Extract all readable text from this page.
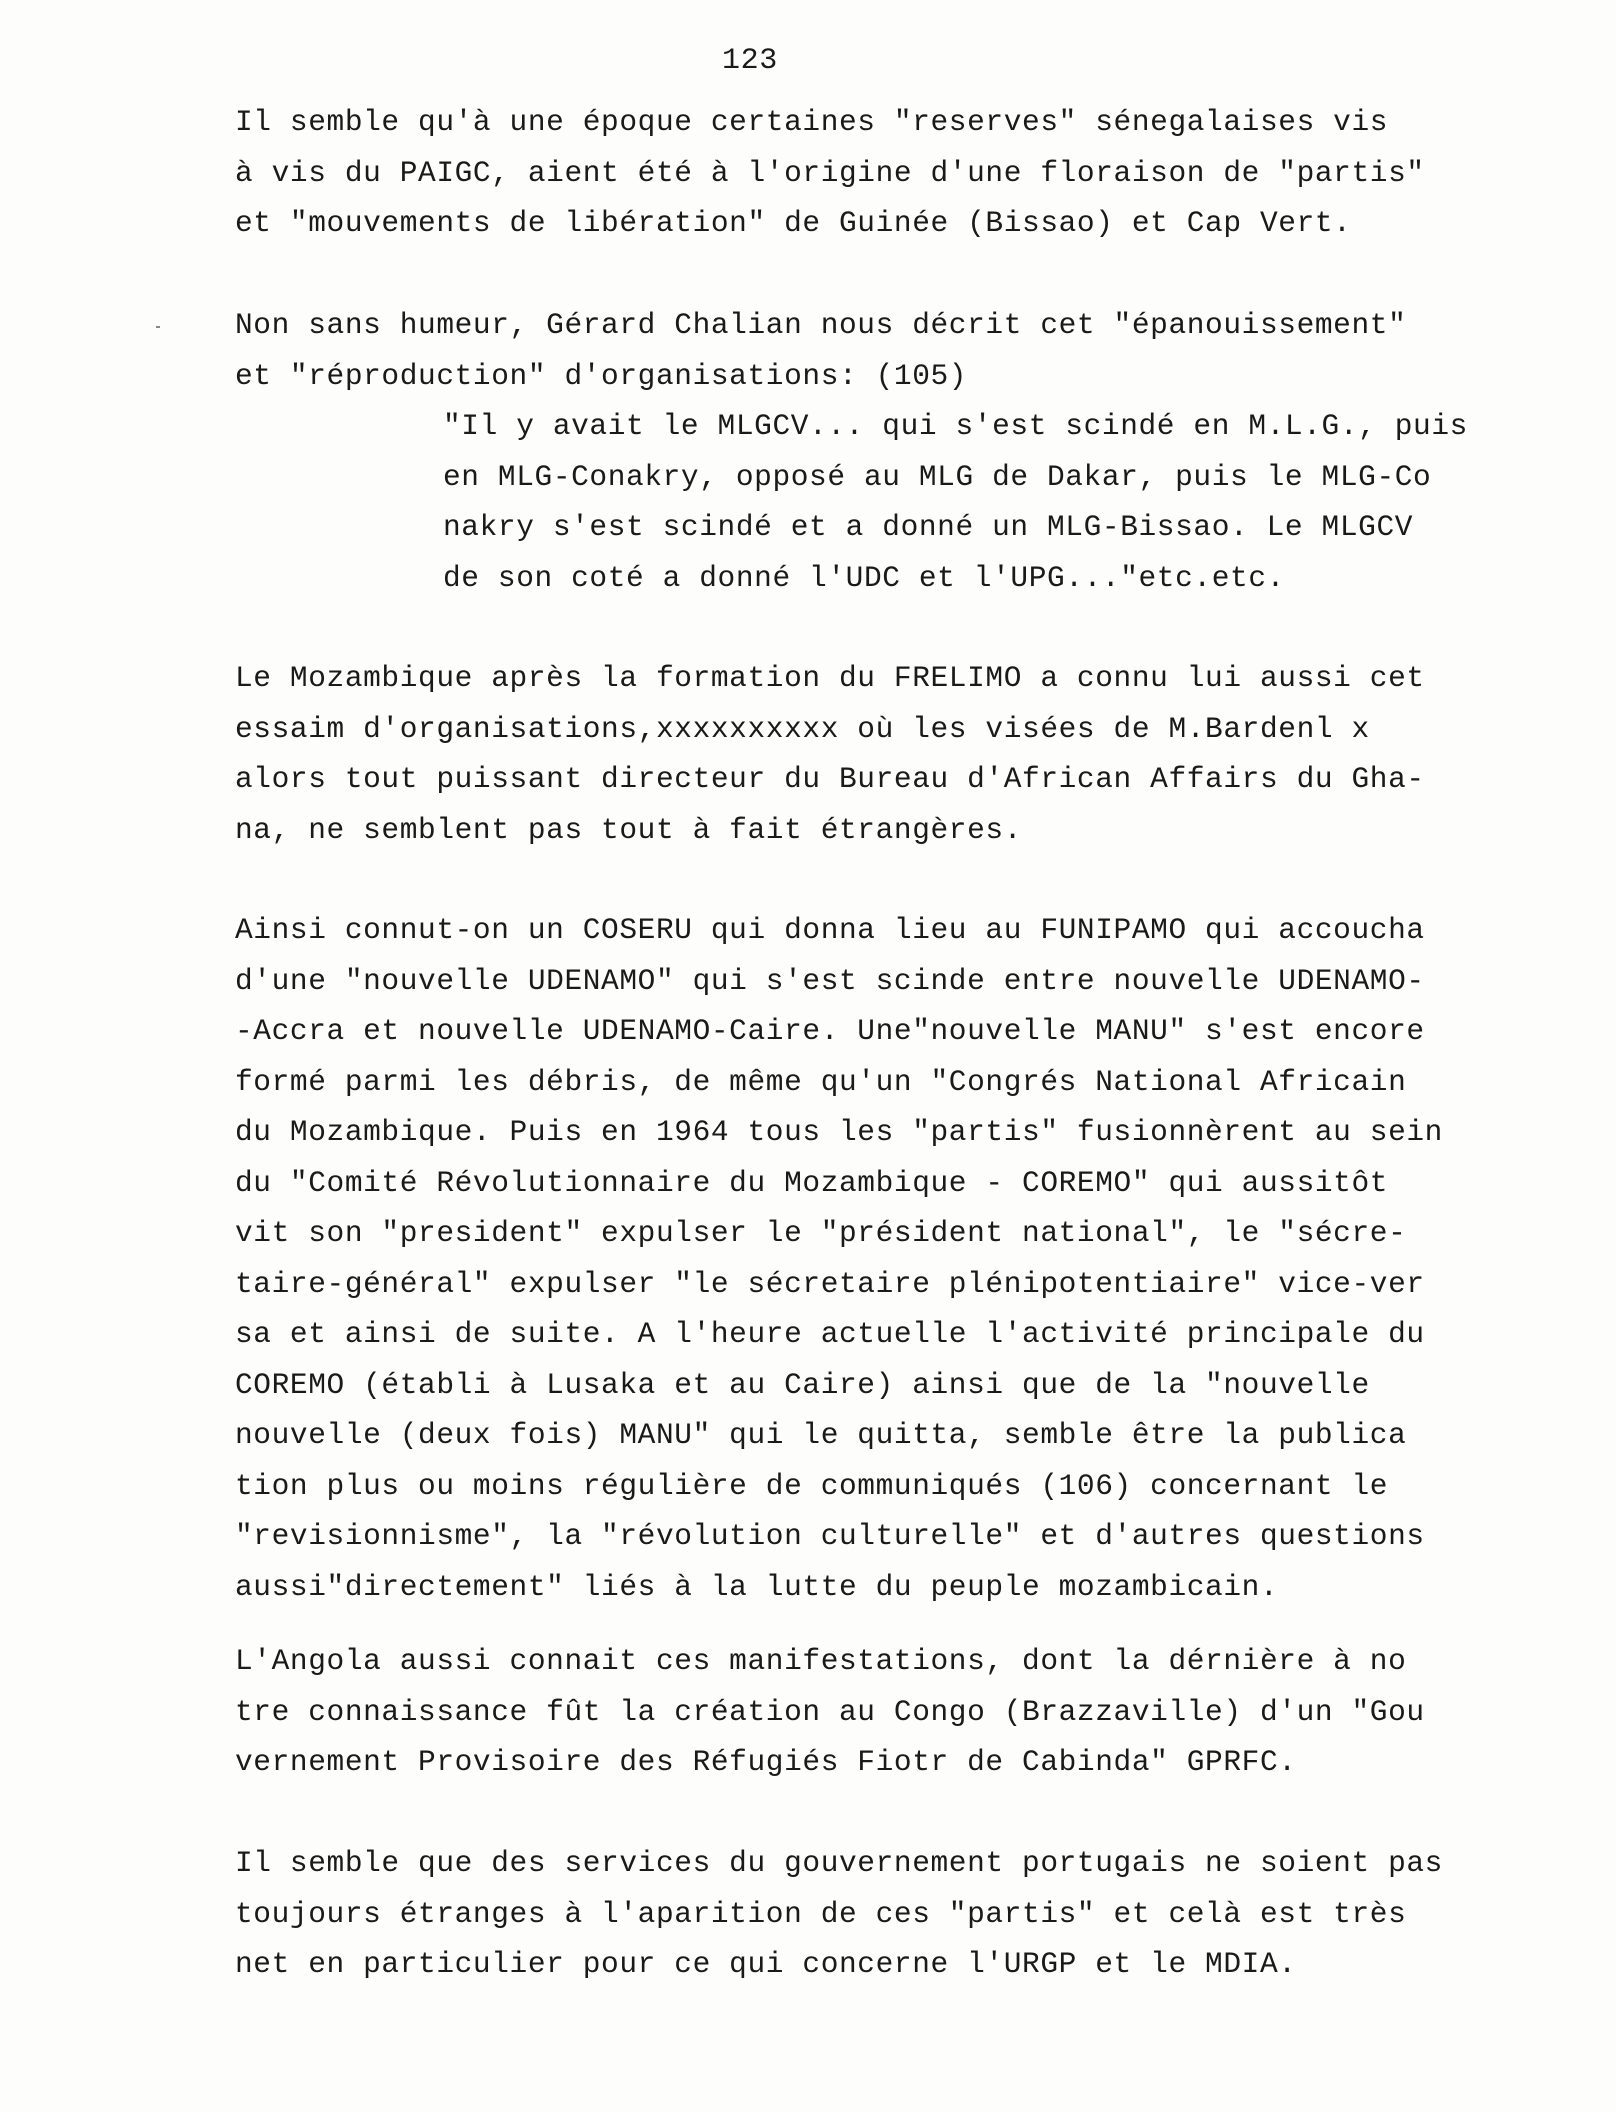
123
Il semble qu'à une époque certaines "reserves" sénegalaises vis
à vis du PAIGC, aient été à l'origine d'une floraison de "partis"
et "mouvements de libération" de Guinée (Bissao) et Cap Vert.
Non sans humeur, Gérard Chalian nous décrit cet "épanouissement"
et "réproduction" d'organisations: (105)
"Il y avait le MLGCV... qui s'est scindé en M.L.G., puis
en MLG-Conakry, opposé au MLG de Dakar, puis le MLG-Co
nakry s'est scindé et a donné un MLG-Bissao. Le MLGCV
de son coté a donné l'UDC et l'UPG..."etc.etc.
Le Mozambique après la formation du FRELIMO a connu lui aussi cet
essaim d'organisations,xxxxxxxxxx où les visées de M.Bardenl x
alors tout puissant directeur du Bureau d'African Affairs du Gha-
na, ne semblent pas tout à fait étrangères.
Ainsi connut-on un COSERU qui donna lieu au FUNIPAMO qui accoucha
d'une "nouvelle UDENAMO" qui s'est scinde entre nouvelle UDENAMO-
-Accra et nouvelle UDENAMO-Caire. Une"nouvelle MANU" s'est encore
formé parmi les débris, de même qu'un "Congrés National Africain
du Mozambique. Puis en 1964 tous les "partis" fusionnèrent au sein
du "Comité Révolutionnaire du Mozambique - COREMO" qui aussitôt
vit son "president" expulser le "président national", le "sécre-
taire-général" expulser "le sécretaire plénipotentiaire" vice-ver
sa et ainsi de suite. A l'heure actuelle l'activité principale du
COREMO (établi à Lusaka et au Caire) ainsi que de la "nouvelle
nouvelle (deux fois) MANU" qui le quitta, semble être la publica
tion plus ou moins régulière de communiqués (106) concernant le
"revisionnisme", la "révolution culturelle" et d'autres questions
aussi"directement" liés à la lutte du peuple mozambicain.
L'Angola aussi connait ces manifestations, dont la dérnière à no
tre connaissance fût la création au Congo (Brazzaville) d'un "Gou
vernement Provisoire des Réfugiés Fiotr de Cabinda" GPRFC.
Il semble que des services du gouvernement portugais ne soient pas
toujours étranges à l'aparition de ces "partis" et celà est très
net en particulier pour ce qui concerne l'URGP et le MDIA.
